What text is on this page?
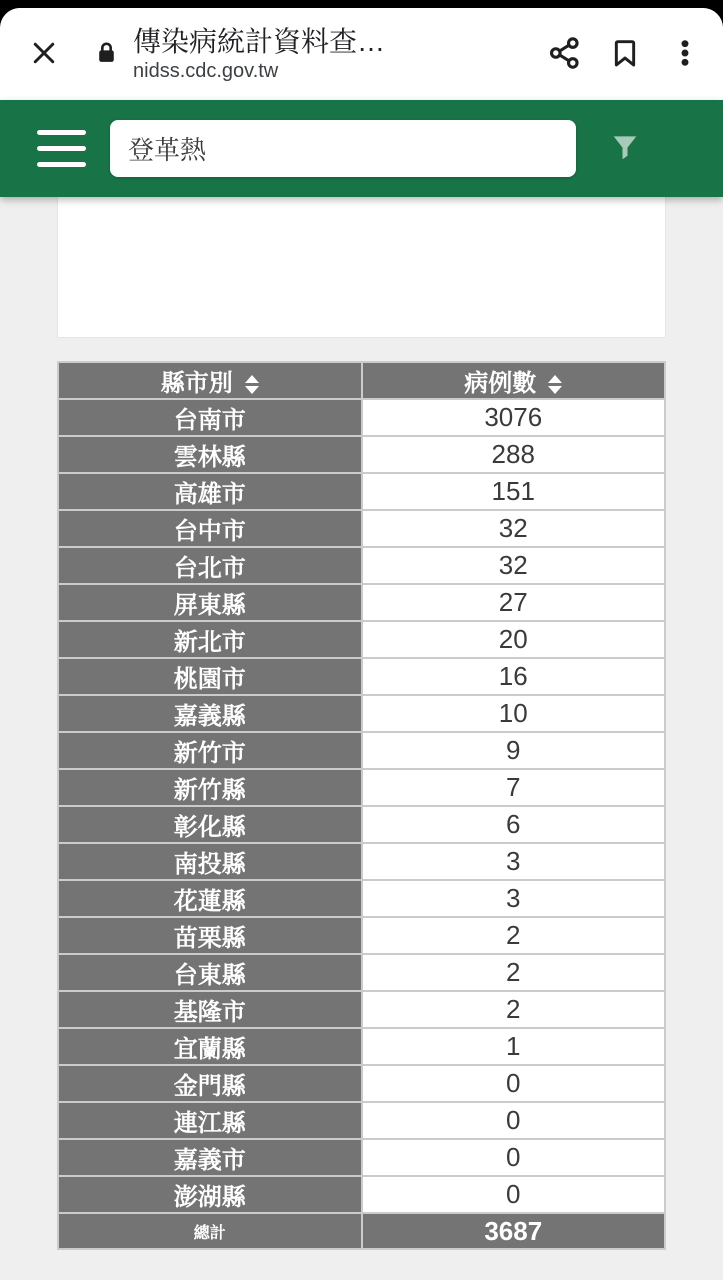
傳染病統計資料查…
nidss.cdc.gov.tw
登革熱
縣市別	病例數

台南市	3076
雲林縣	288
高雄市	151
台中市	32
台北市	32
屏東縣	27
新北市	20
桃園市	16
嘉義縣	10
新竹市	9
新竹縣	7
彰化縣	6
南投縣	3
花蓮縣	3
苗栗縣	2
台東縣	2
基隆市	2
宜蘭縣	1
金門縣	0
連江縣	0
嘉義市	0
澎湖縣	0
總計	3687
